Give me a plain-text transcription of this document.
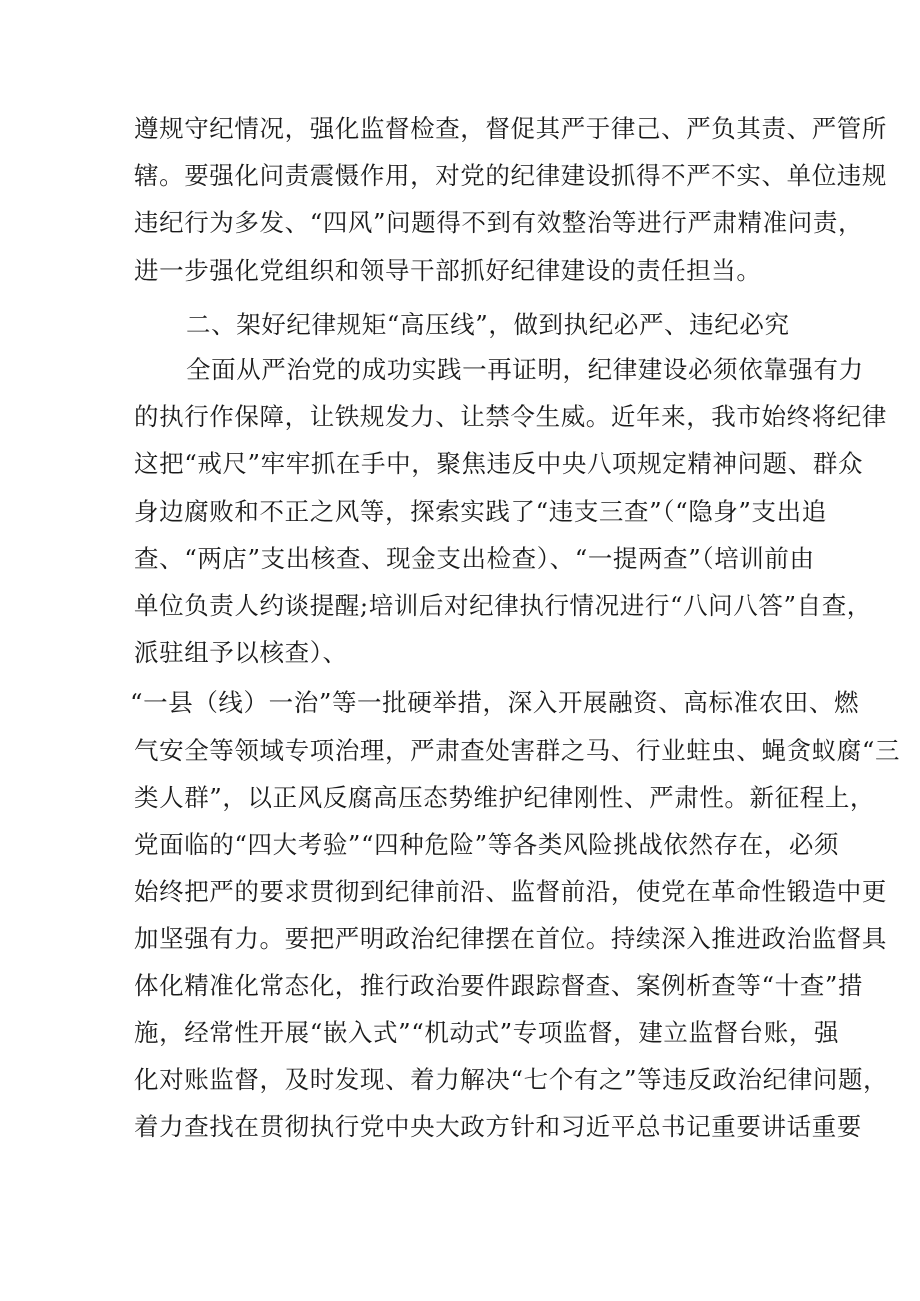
遵规守纪情况，强化监督检查，督促其严于律己、严负其责、严管所
辖。要强化问责震慑作用，对党的纪律建设抓得不严不实、单位违规
违纪行为多发、“四风”问题得不到有效整治等进行严肃精准问责，
进一步强化党组织和领导干部抓好纪律建设的责任担当。
二、架好纪律规矩“高压线”，做到执纪必严、违纪必究
全面从严治党的成功实践一再证明，纪律建设必须依靠强有力
的执行作保障，让铁规发力、让禁令生威。近年来，我市始终将纪律
这把“戒尺”牢牢抓在手中，聚焦违反中央八项规定精神问题、群众
身边腐败和不正之风等，探索实践了“违支三查”（“隐身”支出追
查、“两店”支出核查、现金支出检查）、“一提两查”（培训前由
单位负责人约谈提醒;培训后对纪律执行情况进行“八问八答”自查，
派驻组予以核查）、
“一县（线）一治”等一批硬举措，深入开展融资、高标准农田、燃
气安全等领域专项治理，严肃查处害群之马、行业蛀虫、蝇贪蚁腐“三
类人群”，以正风反腐高压态势维护纪律刚性、严肃性。新征程上，
党面临的“四大考验”“四种危险”等各类风险挑战依然存在，必须
始终把严的要求贯彻到纪律前沿、监督前沿，使党在革命性锻造中更
加坚强有力。要把严明政治纪律摆在首位。持续深入推进政治监督具
体化精准化常态化，推行政治要件跟踪督查、案例析查等“十查”措
施，经常性开展“嵌入式”“机动式”专项监督，建立监督台账，强
化对账监督，及时发现、着力解决“七个有之”等违反政治纪律问题，
着力查找在贯彻执行党中央大政方针和习近平总书记重要讲话重要
